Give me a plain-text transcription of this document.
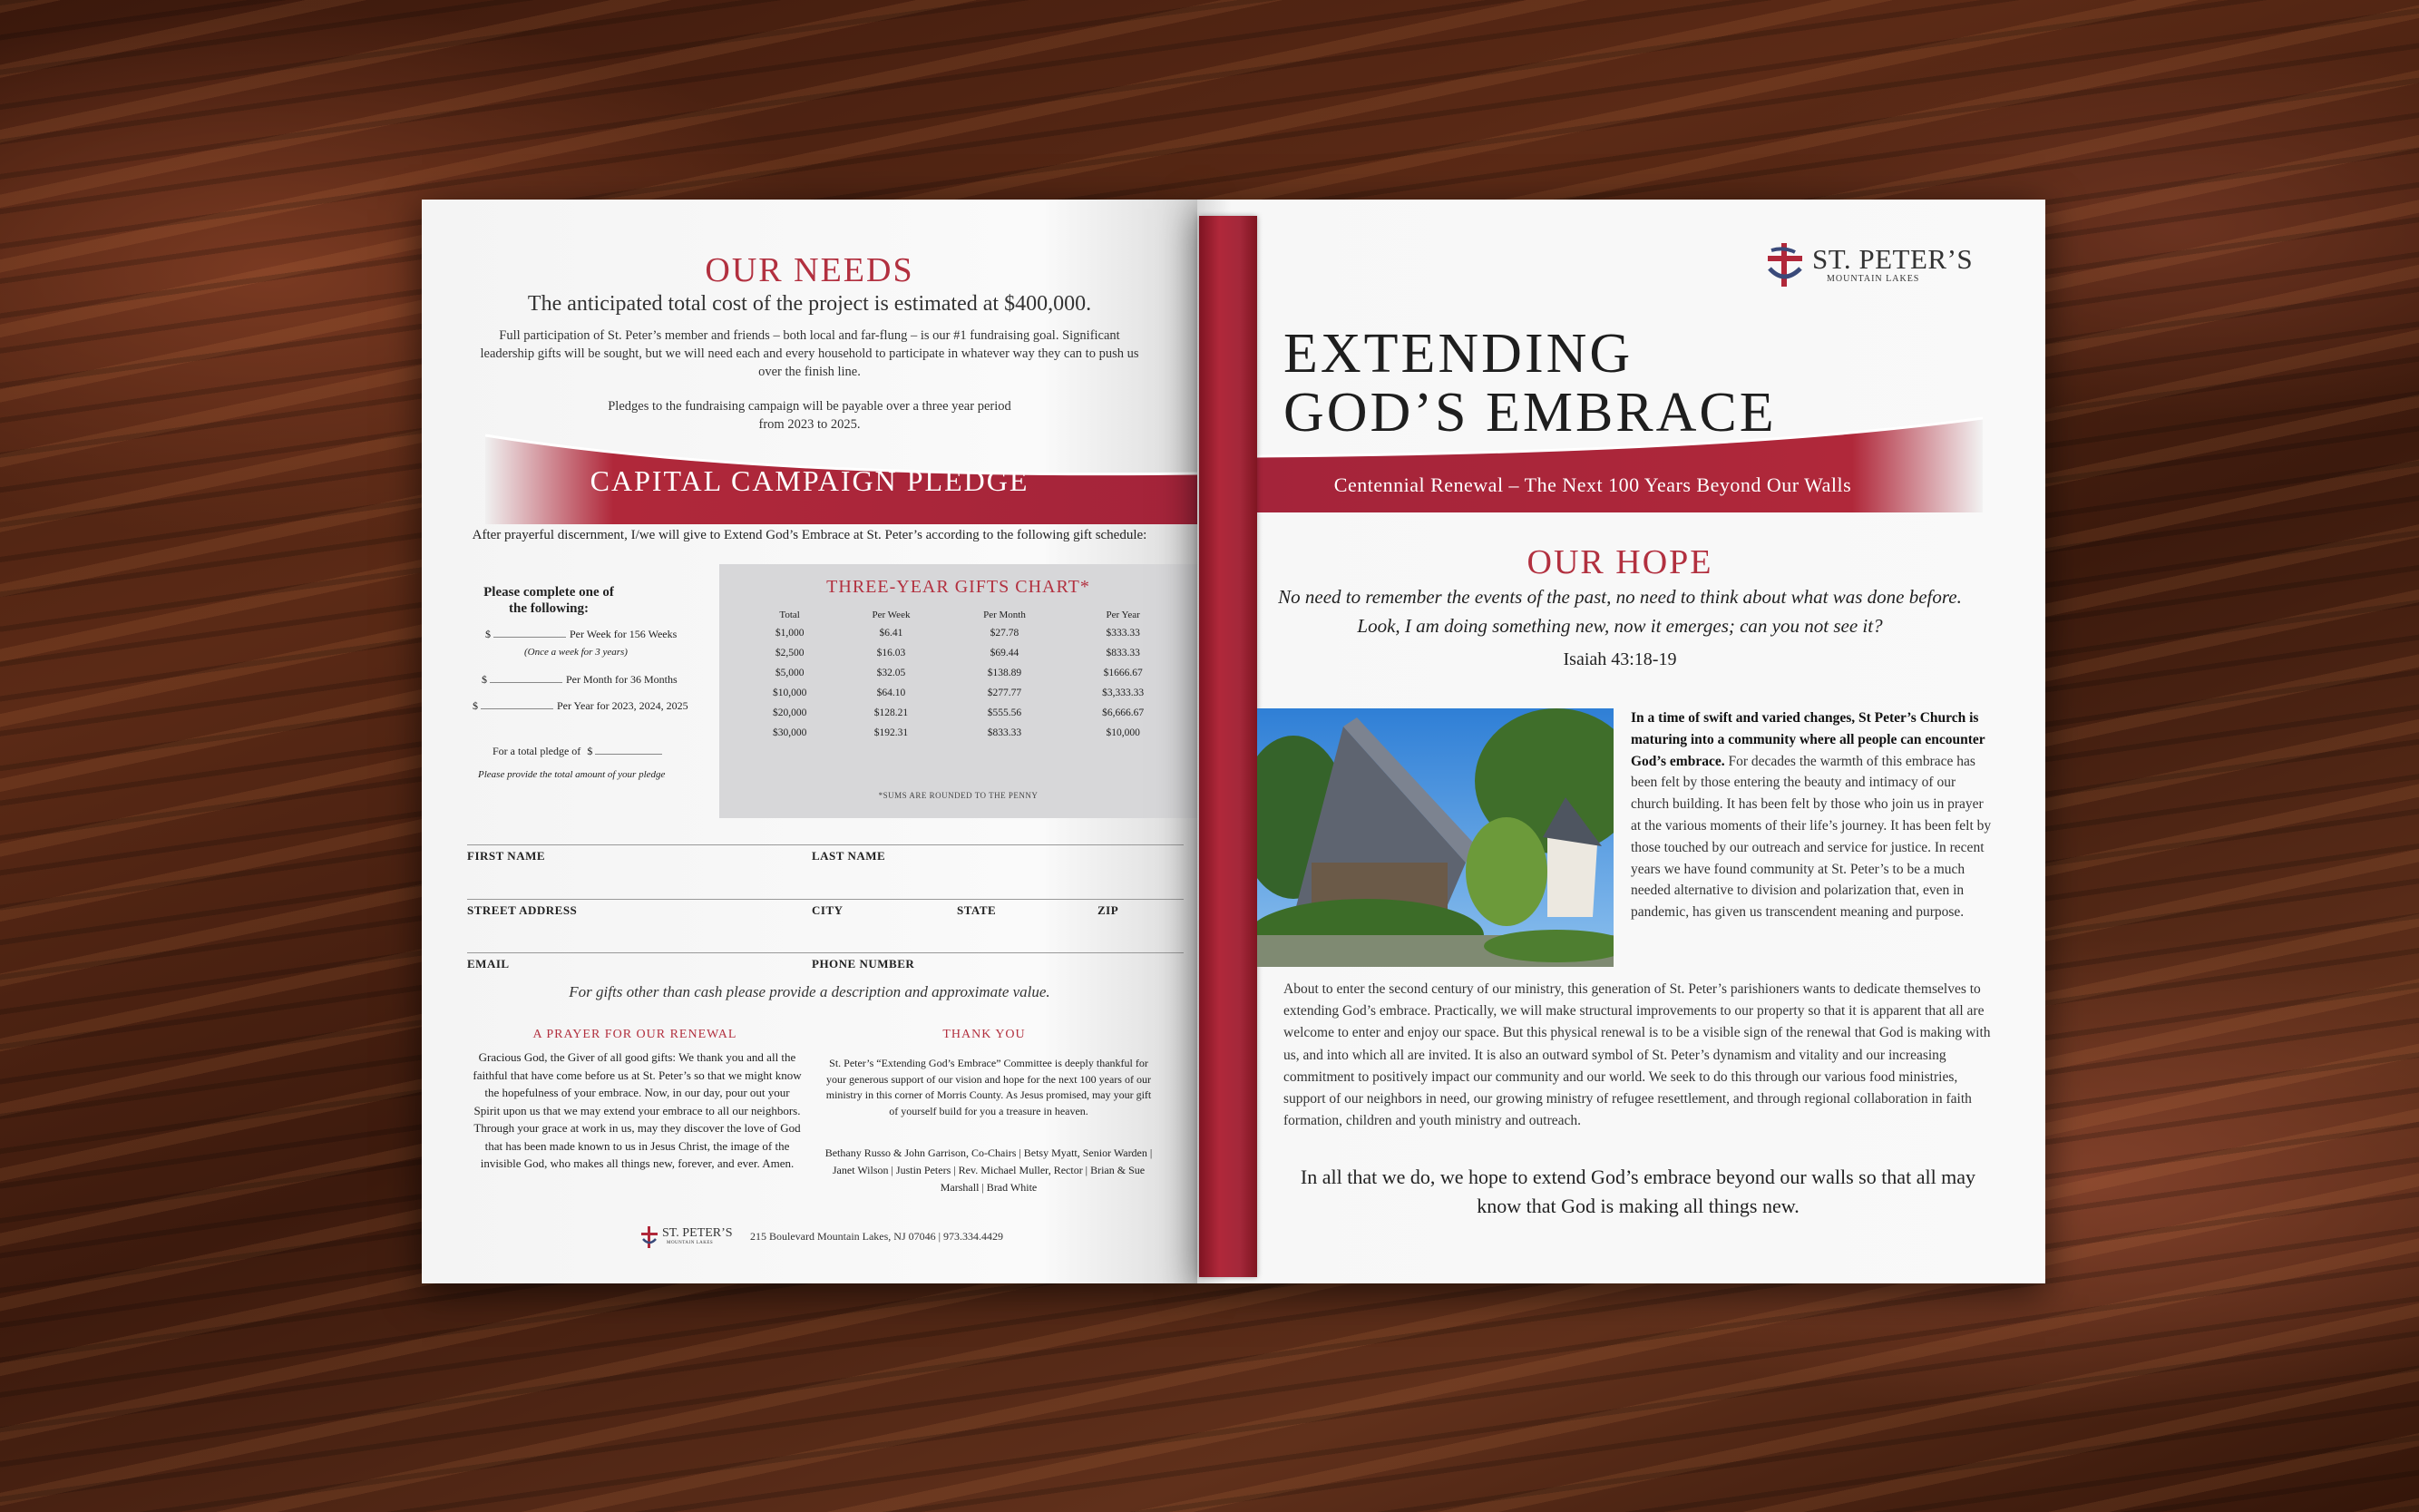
OUR NEEDS
The anticipated total cost of the project is estimated at $400,000.
Full participation of St. Peter’s member and friends – both local and far-flung – is our #1 fundraising goal. Significant leadership gifts will be sought, but we will need each and every household to participate in whatever way they can to push us over the finish line.
Pledges to the fundraising campaign will be payable over a three year period from 2023 to 2025.
CAPITAL CAMPAIGN PLEDGE
After prayerful discernment, I/we will give to Extend God’s Embrace at St. Peter’s according to the following gift schedule:
Please complete one of the following:
$	Per Week for 156 Weeks
(Once a week for 3 years)
$	Per Month for 36 Months
$	Per Year for 2023, 2024, 2025
For a total pledge of $
Please provide the total amount of your pledge
THREE-YEAR GIFTS CHART*
Total	Per Week	Per Month	Per Year
$1,000	$6.41	$27.78	$333.33
$2,500	$16.03	$69.44	$833.33
$5,000	$32.05	$138.89	$1666.67
$10,000	$64.10	$277.77	$3,333.33
$20,000	$128.21	$555.56	$6,666.67
$30,000	$192.31	$833.33	$10,000
*SUMS ARE ROUNDED TO THE PENNY
FIRST NAME	LAST NAME
STREET ADDRESS	CITY	STATE	ZIP
EMAIL	PHONE NUMBER
For gifts other than cash please provide a description and approximate value.
A PRAYER FOR OUR RENEWAL
Gracious God, the Giver of all good gifts: We thank you and all the faithful that have come before us at St. Peter’s so that we might know the hopefulness of your embrace. Now, in our day, pour out your Spirit upon us that we may extend your embrace to all our neighbors. Through your grace at work in us, may they discover the love of God that has been made known to us in Jesus Christ, the image of the invisible God, who makes all things new, forever, and ever. Amen.
THANK YOU
St. Peter’s “Extending God’s Embrace” Committee is deeply thankful for your generous support of our vision and hope for the next 100 years of our ministry in this corner of Morris County. As Jesus promised, may your gift of yourself build for you a treasure in heaven.
Bethany Russo & John Garrison, Co-Chairs | Betsy Myatt, Senior Warden | Janet Wilson | Justin Peters | Rev. Michael Muller, Rector | Brian & Sue Marshall | Brad White
ST. PETER’S
MOUNTAIN LAKES
215 Boulevard Mountain Lakes, NJ 07046 | 973.334.4429
ST. PETER’S
MOUNTAIN LAKES
EXTENDING
GOD’S EMBRACE
Centennial Renewal – The Next 100 Years Beyond Our Walls
OUR HOPE
No need to remember the events of the past, no need to think about what was done before.
Look, I am doing something new, now it emerges; can you not see it?
Isaiah 43:18-19
In a time of swift and varied changes, St Peter’s Church is maturing into a community where all people can encounter God’s embrace. For decades the warmth of this embrace has been felt by those entering the beauty and intimacy of our church building. It has been felt by those who join us in prayer at the various moments of their life’s journey. It has been felt by those touched by our outreach and service for justice. In recent years we have found community at St. Peter’s to be a much needed alternative to division and polarization that, even in pandemic, has given us transcendent meaning and purpose.
About to enter the second century of our ministry, this generation of St. Peter’s parishioners wants to dedicate themselves to extending God’s embrace. Practically, we will make structural improvements to our property so that it is apparent that all are welcome to enter and enjoy our space. But this physical renewal is to be a visible sign of the renewal that God is making with us, and into which all are invited. It is also an outward symbol of St. Peter’s dynamism and vitality and our increasing commitment to positively impact our community and our world. We seek to do this through our various food ministries, support of our neighbors in need, our growing ministry of refugee resettlement, and through regional collaboration in faith formation, children and youth ministry and outreach.
In all that we do, we hope to extend God’s embrace beyond our walls so that all may know that God is making all things new.
